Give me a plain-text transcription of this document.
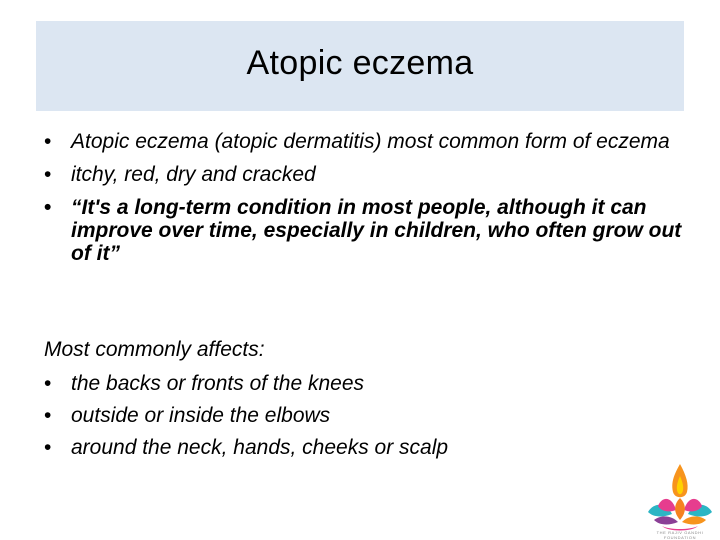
Atopic eczema
• Atopic eczema (atopic dermatitis) most common form of eczema
• itchy, red, dry and cracked
• “It's a long-term condition in most people, although it can improve over time, especially in children, who often grow out of it”
Most commonly affects:
• the backs or fronts of the knees
• outside or inside the elbows
• around the neck, hands, cheeks or scalp
THE RAJIV GANDHI FOUNDATION
